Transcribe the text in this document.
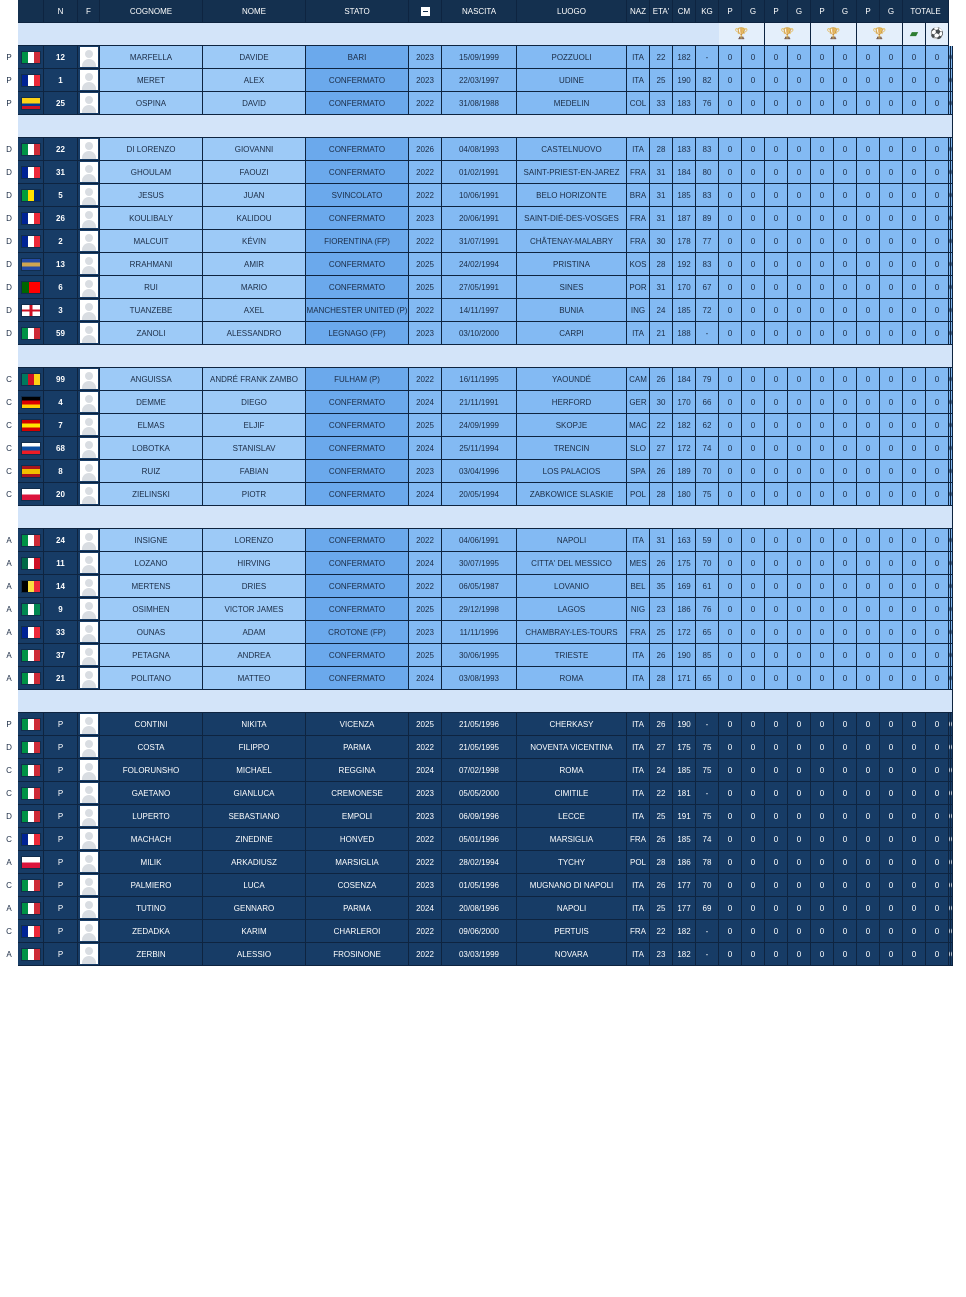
		N	F	COGNOME	NOME	STATO		NASCITA	LUOGO	NAZ	ETA'	CM	KG	P	G	P	G	P	G	P	G	TOTALE			
														🏆		🏆		🏆		🏆		▰	⚽		
P		12		MARFELLA	DAVIDE	BARI	2023	15/09/1999	POZZUOLI	ITA	22	182	-	0	0	0	0	0	0	0	0	0	0		
P		1		MERET	ALEX	CONFERMATO	2023	22/03/1997	UDINE	ITA	25	190	82	0	0	0	0	0	0	0	0	0	0		
P		25		OSPINA	DAVID	CONFERMATO	2022	31/08/1988	MEDELIN	COL	33	183	76	0	0	0	0	0	0	0	0	0	0		

D		22		DI LORENZO	GIOVANNI	CONFERMATO	2026	04/08/1993	CASTELNUOVO	ITA	28	183	83	0	0	0	0	0	0	0	0	0	0		
D		31		GHOULAM	FAOUZI	CONFERMATO	2022	01/02/1991	SAINT-PRIEST-EN-JAREZ	FRA	31	184	80	0	0	0	0	0	0	0	0	0	0		
D		5		JESUS	JUAN	SVINCOLATO	2022	10/06/1991	BELO HORIZONTE	BRA	31	185	83	0	0	0	0	0	0	0	0	0	0		
D		26		KOULIBALY	KALIDOU	CONFERMATO	2023	20/06/1991	SAINT-DIÉ-DES-VOSGES	FRA	31	187	89	0	0	0	0	0	0	0	0	0	0		
D		2		MALCUIT	KÉVIN	FIORENTINA (FP)	2022	31/07/1991	CHÂTENAY-MALABRY	FRA	30	178	77	0	0	0	0	0	0	0	0	0	0		
D		13		RRAHMANI	AMIR	CONFERMATO	2025	24/02/1994	PRISTINA	KOS	28	192	83	0	0	0	0	0	0	0	0	0	0		
D		6		RUI	MARIO	CONFERMATO	2025	27/05/1991	SINES	POR	31	170	67	0	0	0	0	0	0	0	0	0	0		
D		3		TUANZEBE	AXEL	MANCHESTER UNITED (P)	2022	14/11/1997	BUNIA	ING	24	185	72	0	0	0	0	0	0	0	0	0	0		
D		59		ZANOLI	ALESSANDRO	LEGNAGO (FP)	2023	03/10/2000	CARPI	ITA	21	188	-	0	0	0	0	0	0	0	0	0	0		

C		99		ANGUISSA	ANDRÉ FRANK ZAMBO	FULHAM (P)	2022	16/11/1995	YAOUNDÉ	CAM	26	184	79	0	0	0	0	0	0	0	0	0	0		
C		4		DEMME	DIEGO	CONFERMATO	2024	21/11/1991	HERFORD	GER	30	170	66	0	0	0	0	0	0	0	0	0	0		
C		7		ELMAS	ELJIF	CONFERMATO	2025	24/09/1999	SKOPJE	MAC	22	182	62	0	0	0	0	0	0	0	0	0	0		
C		68		LOBOTKA	STANISLAV	CONFERMATO	2024	25/11/1994	TRENCIN	SLO	27	172	74	0	0	0	0	0	0	0	0	0	0		
C		8		RUIZ	FABIAN	CONFERMATO	2023	03/04/1996	LOS PALACIOS	SPA	26	189	70	0	0	0	0	0	0	0	0	0	0		
C		20		ZIELINSKI	PIOTR	CONFERMATO	2024	20/05/1994	ZABKOWICE SLASKIE	POL	28	180	75	0	0	0	0	0	0	0	0	0	0		

A		24		INSIGNE	LORENZO	CONFERMATO	2022	04/06/1991	NAPOLI	ITA	31	163	59	0	0	0	0	0	0	0	0	0	0		
A		11		LOZANO	HIRVING	CONFERMATO	2024	30/07/1995	CITTA' DEL MESSICO	MES	26	175	70	0	0	0	0	0	0	0	0	0	0		
A		14		MERTENS	DRIES	CONFERMATO	2022	06/05/1987	LOVANIO	BEL	35	169	61	0	0	0	0	0	0	0	0	0	0		
A		9		OSIMHEN	VICTOR JAMES	CONFERMATO	2025	29/12/1998	LAGOS	NIG	23	186	76	0	0	0	0	0	0	0	0	0	0		
A		33		OUNAS	ADAM	CROTONE (FP)	2023	11/11/1996	CHAMBRAY-LES-TOURS	FRA	25	172	65	0	0	0	0	0	0	0	0	0	0		
A		37		PETAGNA	ANDREA	CONFERMATO	2025	30/06/1995	TRIESTE	ITA	26	190	85	0	0	0	0	0	0	0	0	0	0		
A		21		POLITANO	MATTEO	CONFERMATO	2024	03/08/1993	ROMA	ITA	28	171	65	0	0	0	0	0	0	0	0	0	0		

P		P		CONTINI	NIKITA	VICENZA	2025	21/05/1996	CHERKASY	ITA	26	190	-	0	0	0	0	0	0	0	0	0	0		
D		P		COSTA	FILIPPO	PARMA	2022	21/05/1995	NOVENTA VICENTINA	ITA	27	175	75	0	0	0	0	0	0	0	0	0	0		
C		P		FOLORUNSHO	MICHAEL	REGGINA	2024	07/02/1998	ROMA	ITA	24	185	75	0	0	0	0	0	0	0	0	0	0		
C		P		GAETANO	GIANLUCA	CREMONESE	2023	05/05/2000	CIMITILE	ITA	22	181	-	0	0	0	0	0	0	0	0	0	0		
D		P		LUPERTO	SEBASTIANO	EMPOLI	2023	06/09/1996	LECCE	ITA	25	191	75	0	0	0	0	0	0	0	0	0	0		
C		P		MACHACH	ZINEDINE	HONVED	2022	05/01/1996	MARSIGLIA	FRA	26	185	74	0	0	0	0	0	0	0	0	0	0		
A		P		MILIK	ARKADIUSZ	MARSIGLIA	2022	28/02/1994	TYCHY	POL	28	186	78	0	0	0	0	0	0	0	0	0	0		
C		P		PALMIERO	LUCA	COSENZA	2023	01/05/1996	MUGNANO DI NAPOLI	ITA	26	177	70	0	0	0	0	0	0	0	0	0	0		
A		P		TUTINO	GENNARO	PARMA	2024	20/08/1996	NAPOLI	ITA	25	177	69	0	0	0	0	0	0	0	0	0	0		
C		P		ZEDADKA	KARIM	CHARLEROI	2022	09/06/2000	PERTUIS	FRA	22	182	-	0	0	0	0	0	0	0	0	0	0		
A		P		ZERBIN	ALESSIO	FROSINONE	2022	03/03/1999	NOVARA	ITA	23	182	-	0	0	0	0	0	0	0	0	0	0		
